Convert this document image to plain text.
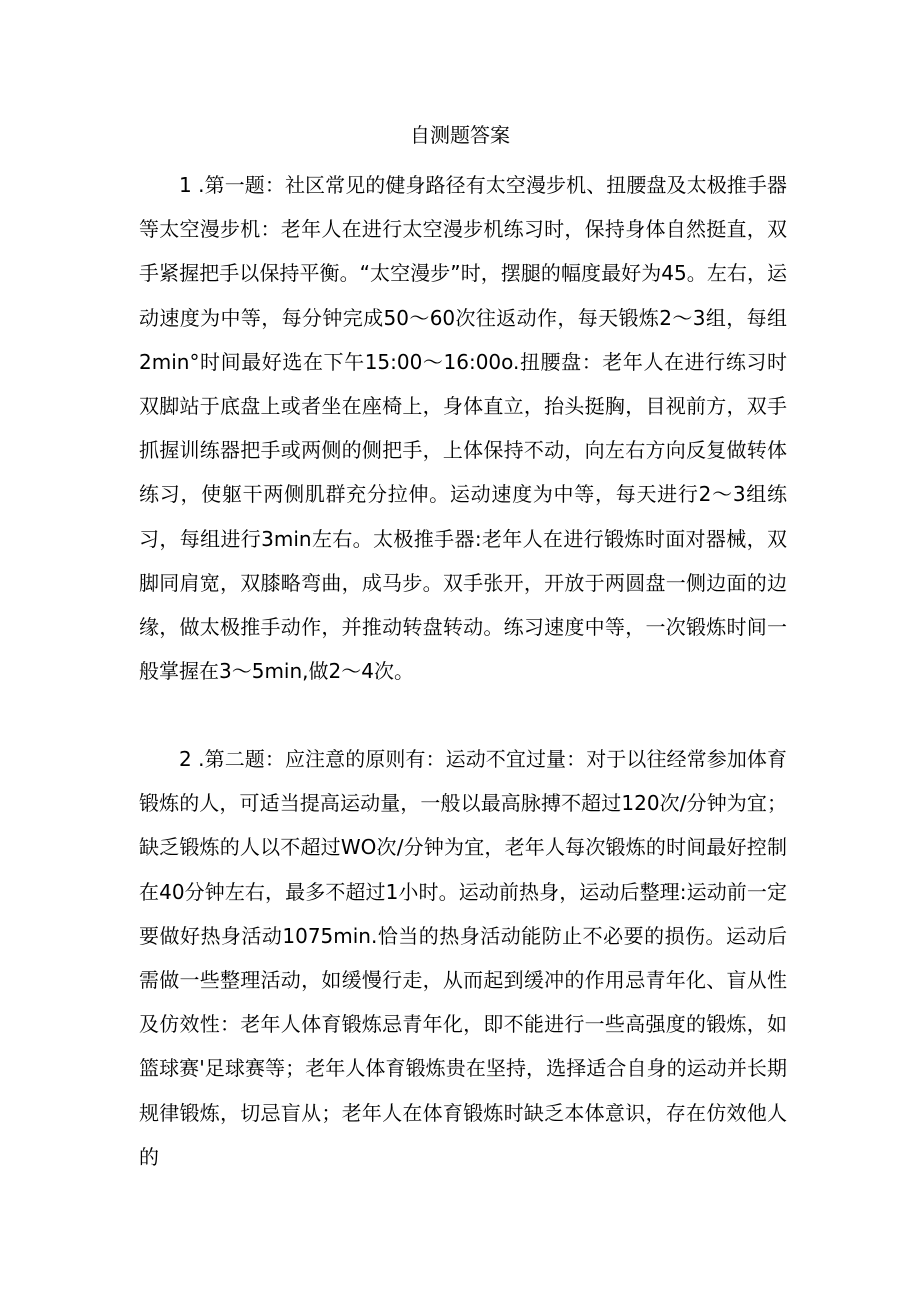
自测题答案

1 .第一题：社区常见的健身路径有太空漫步机、扭腰盘及太极推手器等太空漫步机：老年人在进行太空漫步机练习时，保持身体自然挺直，双手紧握把手以保持平衡。“太空漫步”时，摆腿的幅度最好为45。左右，运动速度为中等，每分钟完成50〜60次往返动作，每天锻炼2〜3组，每组2min°时间最好选在下午15:00〜16:00o.扭腰盘：老年人在进行练习时双脚站于底盘上或者坐在座椅上，身体直立，抬头挺胸，目视前方，双手抓握训练器把手或两侧的侧把手，上体保持不动，向左右方向反复做转体练习，使躯干两侧肌群充分拉伸。运动速度为中等，每天进行2〜3组练习，每组进行3min左右。太极推手器:老年人在进行锻炼时面对器械，双脚同肩宽，双膝略弯曲，成马步。双手张开，开放于两圆盘一侧边面的边缘，做太极推手动作，并推动转盘转动。练习速度中等，一次锻炼时间一般掌握在3〜5min,做2〜4次。

2 .第二题：应注意的原则有：运动不宜过量：对于以往经常参加体育锻炼的人，可适当提高运动量，一般以最高脉搏不超过120次/分钟为宜；缺乏锻炼的人以不超过WO次/分钟为宜，老年人每次锻炼的时间最好控制在40分钟左右，最多不超过1小时。运动前热身，运动后整理:运动前一定要做好热身活动1075min.恰当的热身活动能防止不必要的损伤。运动后需做一些整理活动，如缓慢行走，从而起到缓冲的作用忌青年化、盲从性及仿效性：老年人体育锻炼忌青年化，即不能进行一些高强度的锻炼，如篮球赛'足球赛等；老年人体育锻炼贵在坚持，选择适合自身的运动并长期规律锻炼，切忌盲从；老年人在体育锻炼时缺乏本体意识，存在仿效他人的
